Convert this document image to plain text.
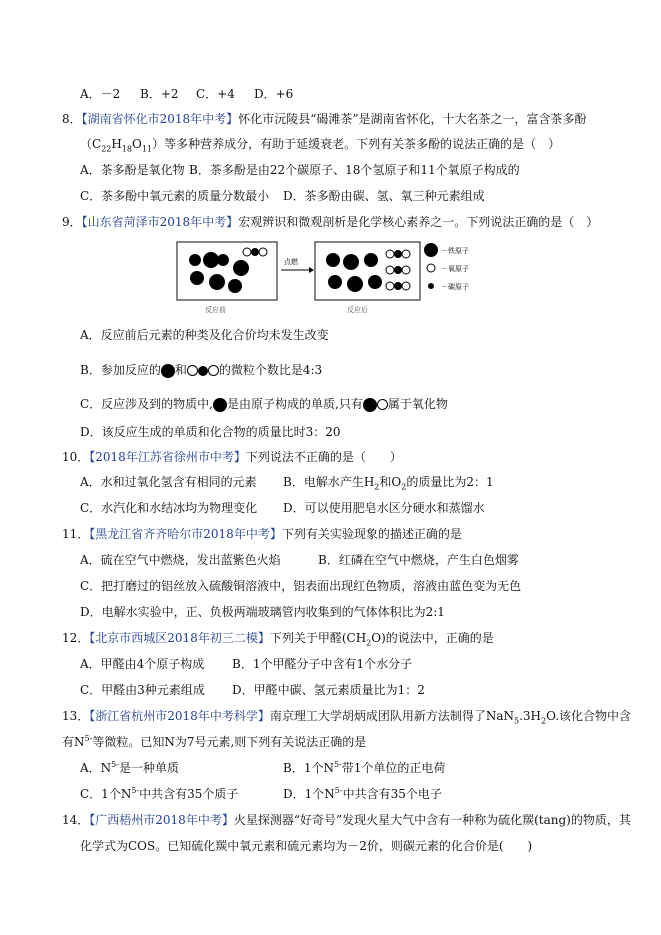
A．－2 B．+2 C．+4 D．+6
8．【湖南省怀化市2018年中考】怀化市沅陵县“碣滩茶”是湖南省怀化，十大名茶之一，富含茶多酚
$(C_{22}H_{18}O_{11})$等多种营养成分，有助于延缓衰老。下列有关茶多酚的说法正确的是（　）
A．茶多酚是氧化物 B．茶多酚是由22个碳原子、18个氢原子和11个氧原子构成的
C．茶多酚中氧元素的质量分数最小 D．茶多酚由碳、氢、氧三种元素组成
9．【山东省菏泽市2018年中考】宏观辨识和微观剖析是化学核心素养之一。下列说法正确的是（　）
点燃
反应前	反应后
－铁原子
－氧原子
－碳原子
A．反应前后元素的种类及化合价均未发生改变
B．参加反应的 和	的微粒个数比是4:3
C．反应涉及到的物质中, 是由原子构成的单质,只有 属于氧化物
D．该反应生成的单质和化合物的质量比时3：20
10．【2018年江苏省徐州市中考】下列说法不正确的是（　　）
A．水和过氧化氢含有相同的元素 B．电解水产生$H_2$和$O_2$的质量比为2：1
C．水汽化和水结冰均为物理变化 D．可以使用肥皂水区分硬水和蒸馏水
11．【黑龙江省齐齐哈尔市2018年中考】下列有关实验现象的描述正确的是
A．硫在空气中燃烧，发出蓝紫色火焰	B．红磷在空气中燃烧，产生白色烟雾
C．把打磨过的铝丝放入硫酸铜溶液中，铝表面出现红色物质，溶液由蓝色变为无色
D．电解水实验中，正、负极两端玻璃管内收集到的气体体积比为2:1
12．【北京市西城区2018年初三二模】下列关于甲醛$(CH_2O)$的说法中，正确的是
A．甲醛由4个原子构成 B．1个甲醛分子中含有1个水分子
C．甲醛由3种元素组成 D．甲醛中碳、氢元素质量比为1：2
13．【浙江省杭州市2018年中考科学】南京理工大学胡炳成团队用新方法制得了$NaN_5.3H_2O$.该化合物中含
有$N^{5-}$等微粒。已知N为7号元素,则下列有关说法正确的是
A．$N^{5-}$是一种单质	B．1个$N^{5-}$带1个单位的正电荷
C．1个$N^{5-}$中共含有35个质子	D．1个$N^{5-}$中共含有35个电子
14．【广西梧州市2018年中考】火星探测器“好奇号”发现火星大气中含有一种称为硫化羰(tang)的物质，其
化学式为COS。已知硫化羰中氧元素和硫元素均为－2价，则碳元素的化合价是(　　)
